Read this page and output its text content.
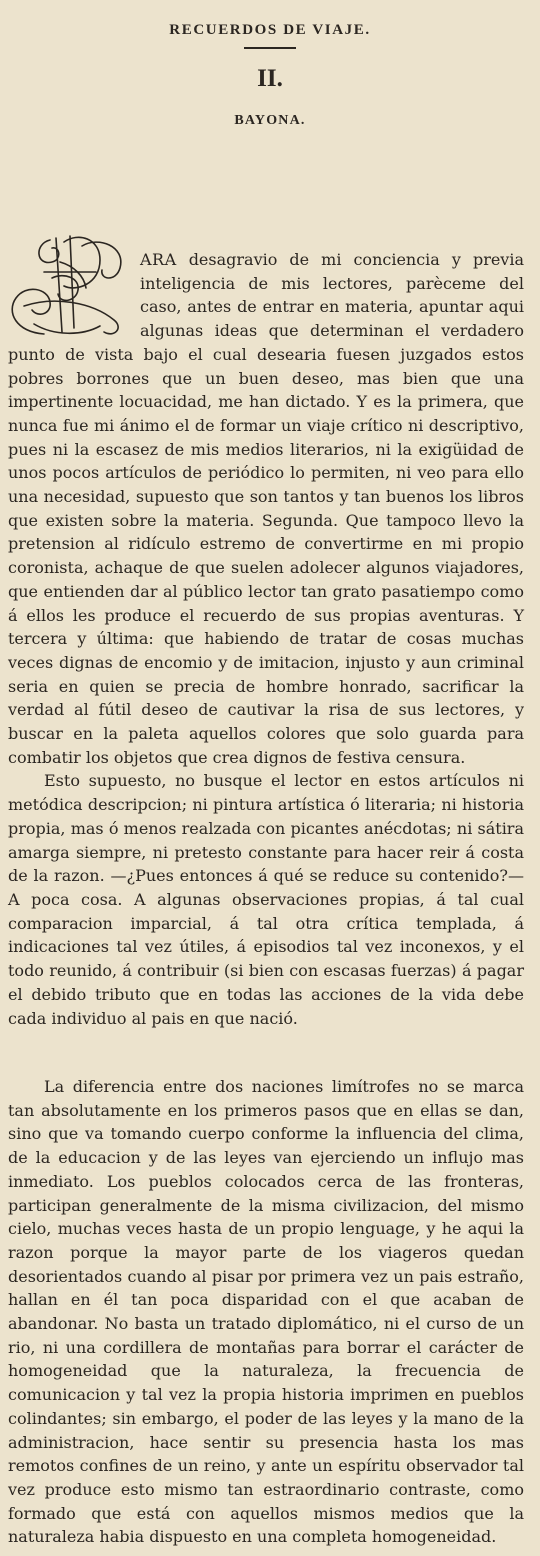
RECUERDOS DE VIAJE.
II.
BAYONA.

ARA desagravio de mi conciencia y previa inteligencia de mis lectores, parèceme del caso, antes de entrar en materia, apuntar aqui algunas ideas que determinan el verdadero punto de vista bajo el cual desearia fuesen juzgados estos pobres borrones que un buen deseo, mas bien que una impertinente locuacidad, me han dictado. Y es la primera, que nunca fue mi ánimo el de formar un viaje crítico ni descriptivo, pues ni la escasez de mis medios literarios, ni la exigüidad de unos pocos artículos de periódico lo permiten, ni veo para ello una necesidad, supuesto que son tantos y tan buenos los libros que existen sobre la materia. Segunda. Que tampoco llevo la pretension al ridículo estremo de convertirme en mi propio coronista, achaque de que suelen adolecer algunos viajadores, que entienden dar al público lector tan grato pasatiempo como á ellos les produce el recuerdo de sus propias aventuras. Y tercera y última: que habiendo de tratar de cosas muchas veces dignas de encomio y de imitacion, injusto y aun criminal seria en quien se precia de hombre honrado, sacrificar la verdad al fútil deseo de cautivar la risa de sus lectores, y buscar en la paleta aquellos colores que solo guarda para combatir los objetos que crea dignos de festiva censura.

Esto supuesto, no busque el lector en estos artículos ni metódica descripcion; ni pintura artística ó literaria; ni historia propia, mas ó menos realzada con picantes anécdotas; ni sátira amarga siempre, ni pretesto constante para hacer reir á costa de la razon. —¿Pues entonces á qué se reduce su contenido?—A poca cosa. A algunas observaciones propias, á tal cual comparacion imparcial, á tal otra crítica templada, á indicaciones tal vez útiles, á episodios tal vez inconexos, y el todo reunido, á contribuir (si bien con escasas fuerzas) á pagar el debido tributo que en todas las acciones de la vida debe cada individuo al pais en que nació.

La diferencia entre dos naciones limítrofes no se marca tan absolutamente en los primeros pasos que en ellas se dan, sino que va tomando cuerpo conforme la influencia del clima, de la educacion y de las leyes van ejerciendo un influjo mas inmediato. Los pueblos colocados cerca de las fronteras, participan generalmente de la misma civilizacion, del mismo cielo, muchas veces hasta de un propio lenguage, y he aqui la razon porque la mayor parte de los viageros quedan desorientados cuando al pisar por primera vez un pais estraño, hallan en él tan poca disparidad con el que acaban de abandonar. No basta un tratado diplomático, ni el curso de un rio, ni una cordillera de montañas para borrar el carácter de homogeneidad que la naturaleza, la frecuencia de comunicacion y tal vez la propia historia imprimen en pueblos colindantes; sin embargo, el poder de las leyes y la mano de la administracion, hace sentir su presencia hasta los mas remotos confines de un reino, y ante un espíritu observador tal vez produce esto mismo tan estraordinario contraste, como formado que está con aquellos mismos medios que la naturaleza habia dispuesto en una completa homogeneidad.
